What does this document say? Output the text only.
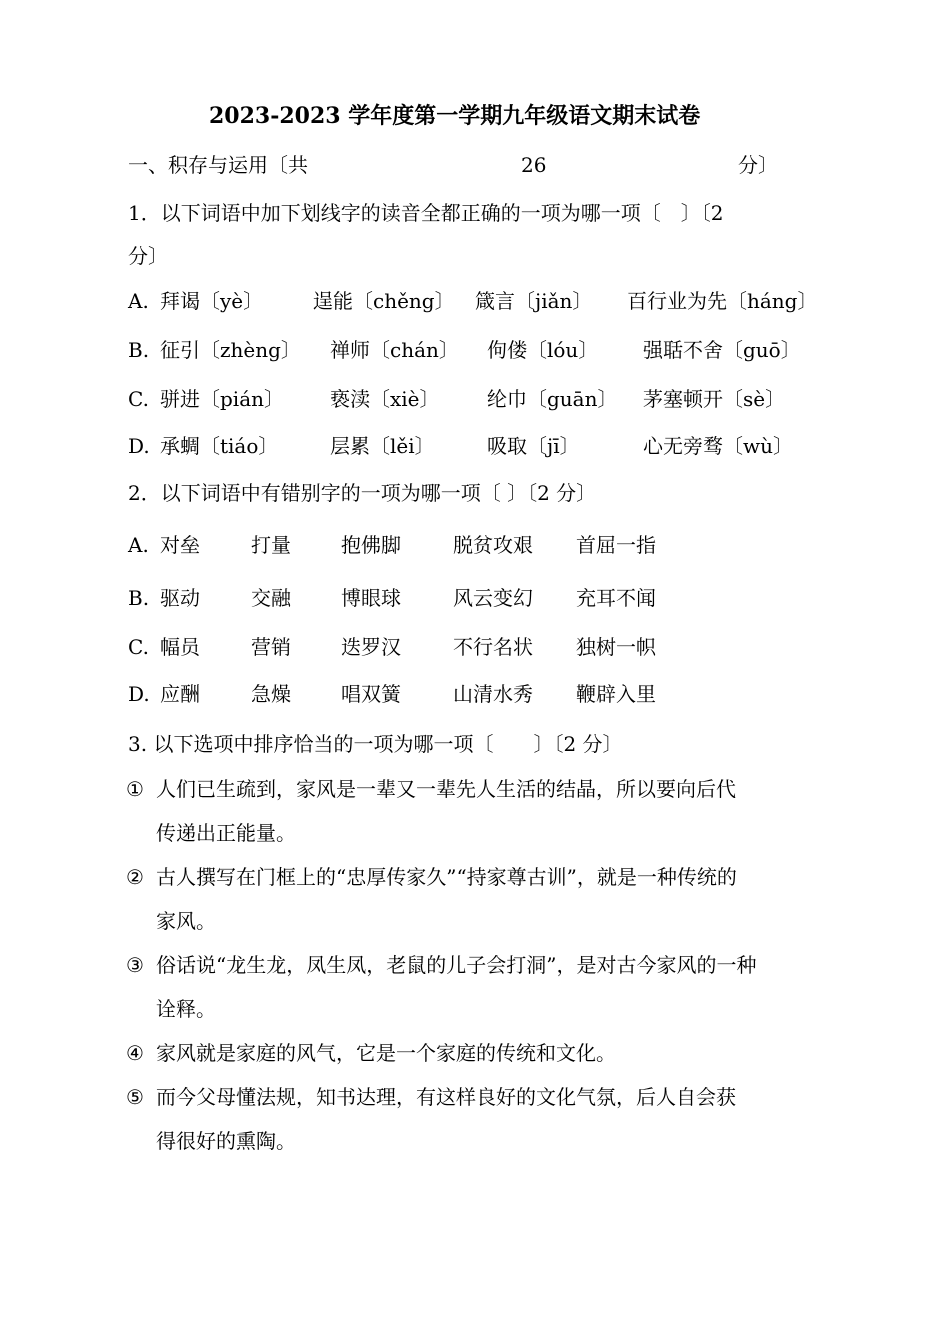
2023-2023 学年度第一学期九年级语文期末试卷
一、积存与运用〔共	26	分〕
1．以下词语中加下划线字的读音全都正确的一项为哪一项〔　〕〔2
分〕
A. 拜谒〔yè〕 逞能〔chěng〕 箴言〔jiǎn〕 百行业为先〔háng〕
B. 征引〔zhèng〕 禅师〔chán〕 佝偻〔lóu〕 强聒不舍〔guō〕
C. 骈进〔pián〕 亵渎〔xiè〕 纶巾〔guān〕 茅塞顿开〔sè〕
D. 承蜩〔tiáo〕	层累〔lěi〕	吸取〔jī〕	心无旁骛〔wù〕
2．以下词语中有错别字的一项为哪一项〔 〕〔2 分〕
A. 对垒	打量	抱佛脚	脱贫攻艰 首屈一指
B. 驱动	交融	博眼球	风云变幻 充耳不闻
C. 幅员	营销	迭罗汉	不行名状 独树一帜
D. 应酬	急燥	唱双簧	山清水秀 鞭辟入里
3. 以下选项中排序恰当的一项为哪一项〔　　〕〔2 分〕
① 人们已生疏到，家风是一辈又一辈先人生活的结晶，所以要向后代
传递出正能量。
② 古人撰写在门框上的“忠厚传家久”“持家尊古训”，就是一种传统的
家风。
③ 俗话说“龙生龙，凤生凤，老鼠的儿子会打洞”，是对古今家风的一种
诠释。
④ 家风就是家庭的风气，它是一个家庭的传统和文化。
⑤ 而今父母懂法规，知书达理，有这样良好的文化气氛，后人自会获
得很好的熏陶。
